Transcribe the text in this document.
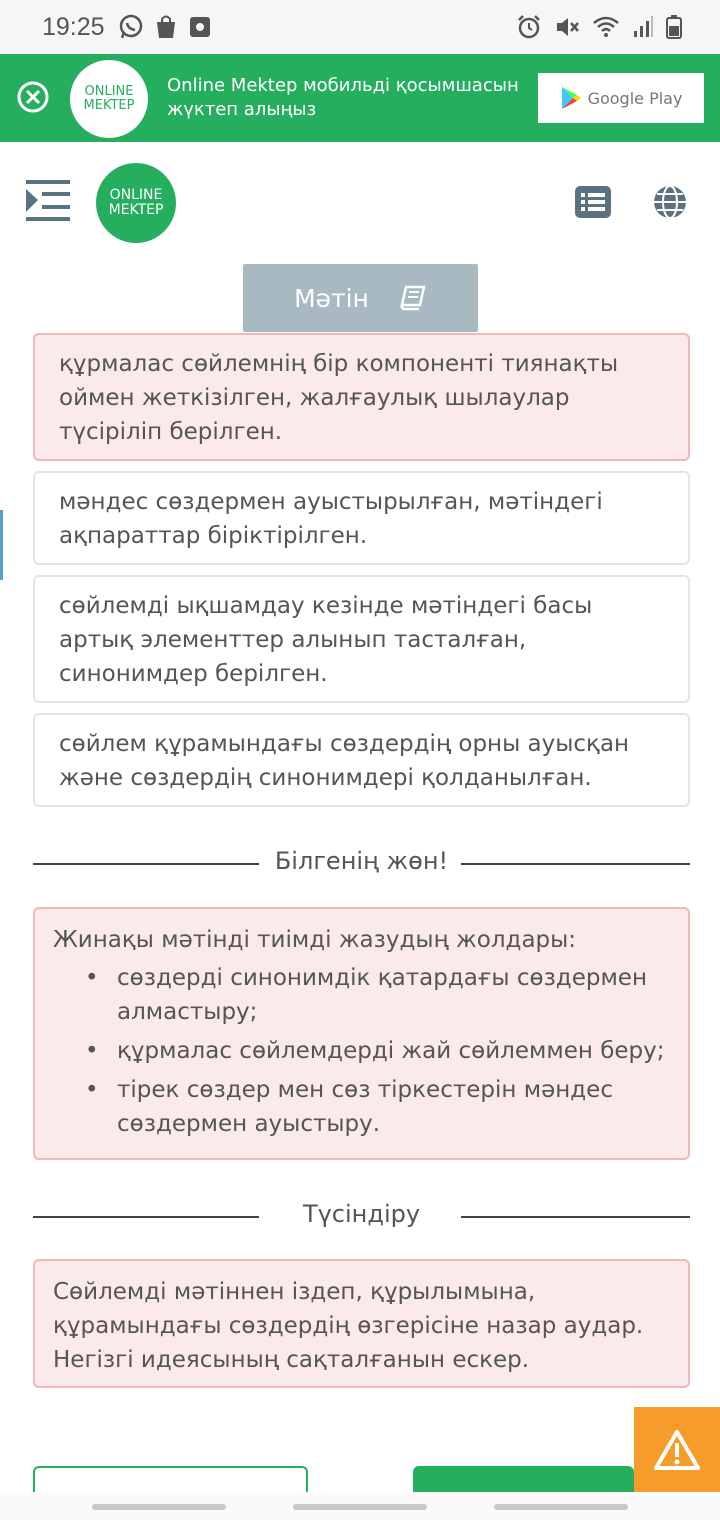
19:25
ONLINE
MEKTEP
Online Mektep мобильді қосымшасын жүктеп алыңыз
Google Play
ONLINE
MEKTEP
Мәтін
құрмалас сөйлемнің бір компоненті тиянақты оймен жеткізілген, жалғаулық шылаулар түсіріліп берілген.
мәндес сөздермен ауыстырылған, мәтіндегі ақпараттар біріктірілген.
сөйлемді ықшамдау кезінде мәтіндегі басы артық элементтер алынып тасталған, синонимдер берілген.
сөйлем құрамындағы сөздердің орны ауысқан және сөздердің синонимдері қолданылған.
Білгенің жөн!
Жинақы мәтінді тиімді жазудың жолдары:
• сөздерді синонимдік қатардағы сөздермен алмастыру;
• құрмалас сөйлемдерді жай сөйлеммен беру;
• тірек сөздер мен сөз тіркестерін мәндес сөздермен ауыстыру.
Түсіндіру
Сөйлемді мәтіннен іздеп, құрылымына, құрамындағы сөздердің өзгерісіне назар аудар. Негізгі идеясының сақталғанын ескер.
